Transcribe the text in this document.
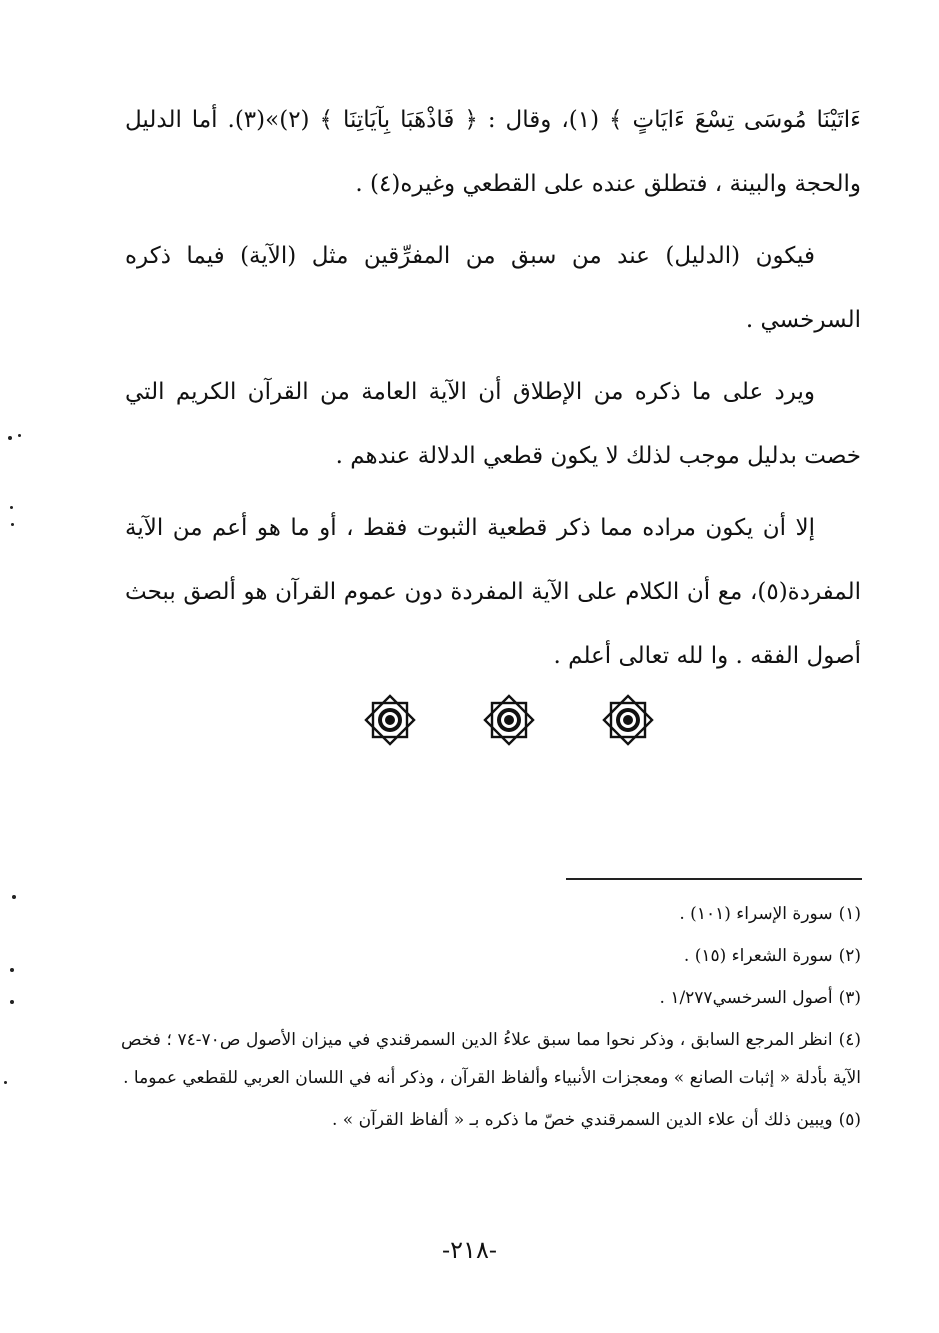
ءَاتَيْنَا مُوسَى تِسْعَ ءَايَاتٍ ﴾ (١)، وقال : ﴿ فَاذْهَبَا بِآيَاتِنَا ﴾ (٢)»(٣). أما الدليل والحجة والبينة ، فتطلق عنده على القطعي وغيره(٤) .

فيكون (الدليل) عند من سبق من المفرِّقين مثل (الآية) فيما ذكره السرخسي .

ويرد على ما ذكره من الإطلاق أن الآية العامة من القرآن الكريم التي خصت بدليل موجب لذلك لا يكون قطعي الدلالة عندهم .

إلا أن يكون مراده مما ذكر قطعية الثبوت فقط ، أو ما هو أعم من الآية المفردة(٥)، مع أن الكلام على الآية المفردة دون عموم القرآن هو ألصق ببحث أصول الفقه . وا لله تعالى أعلم .

(١)سورة الإسراء (١٠١) .
(٢)سورة الشعراء (١٥) .
(٣)أصول السرخسي١/٢٧٧ .
(٤)انظر المرجع السابق ، وذكر نحوا مما سبق علاءُ الدين السمرقندي في ميزان الأصول ص٧٠-٧٤ ؛ فخص الآية بأدلة « إثبات الصانع » ومعجزات الأنبياء وألفاظ القرآن ، وذكر أنه في اللسان العربي للقطعي عموما .
(٥)ويبين ذلك أن علاء الدين السمرقندي خصّ ما ذكره بـ « ألفاظ القرآن » .
-٢١٨-
